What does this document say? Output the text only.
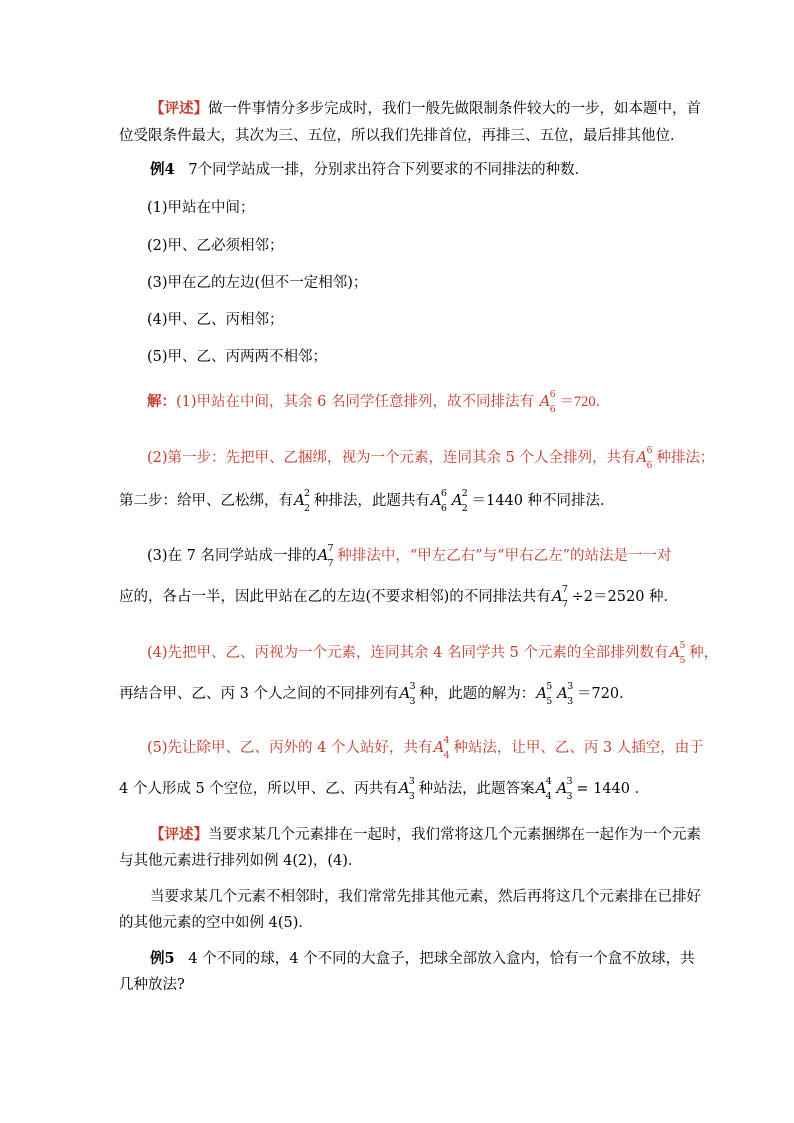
【评述】做一件事情分多步完成时，我们一般先做限制条件较大的一步，如本题中，首
位受限条件最大，其次为三、五位，所以我们先排首位，再排三、五位，最后排其他位．
例4 7个同学站成一排，分别求出符合下列要求的不同排法的种数．
(1)甲站在中间；
(2)甲、乙必须相邻；
(3)甲在乙的左边(但不一定相邻)；
(4)甲、乙、丙相邻；
(5)甲、乙、丙两两不相邻；
解：(1)甲站在中间，其余 6 名同学任意排列，故不同排法有 A 6
6 ＝720．
(2)第一步：先把甲、乙捆绑，视为一个元素，连同其余 5 个人全排列，共有A 6
6 种排法；
第二步：给甲、乙松绑，有A 2
2 种排法，此题共有A 6
6 A 2
2 ＝1440 种不同排法．
(3)在 7 名同学站成一排的A 7
7 种排法中，“甲左乙右”与“甲右乙左”的站法是一一对
应的，各占一半，因此甲站在乙的左边(不要求相邻)的不同排法共有A 7
7 ÷2＝2520 种．
(4)先把甲、乙、丙视为一个元素，连同其余 4 名同学共 5 个元素的全部排列数有A 5
5 种，
再结合甲、乙、丙 3 个人之间的不同排列有A 3
3 种，此题的解为：A 5
5 A 3
3 ＝720．
(5)先让除甲、乙、丙外的 4 个人站好，共有A 4
4 种站法，让甲、乙、丙 3 人插空，由于
4 个人形成 5 个空位，所以甲、乙、丙共有A 3
3 种站法，此题答案A 4
4 A 3
3 = 1440 ．
【评述】当要求某几个元素排在一起时，我们常将这几个元素捆绑在一起作为一个元素
与其他元素进行排列如例 4(2)，(4)．
当要求某几个元素不相邻时，我们常常先排其他元素，然后再将这几个元素排在已排好
的其他元素的空中如例 4(5)．
例5 4 个不同的球，4 个不同的大盒子，把球全部放入盒内，恰有一个盒不放球，共
几种放法?
